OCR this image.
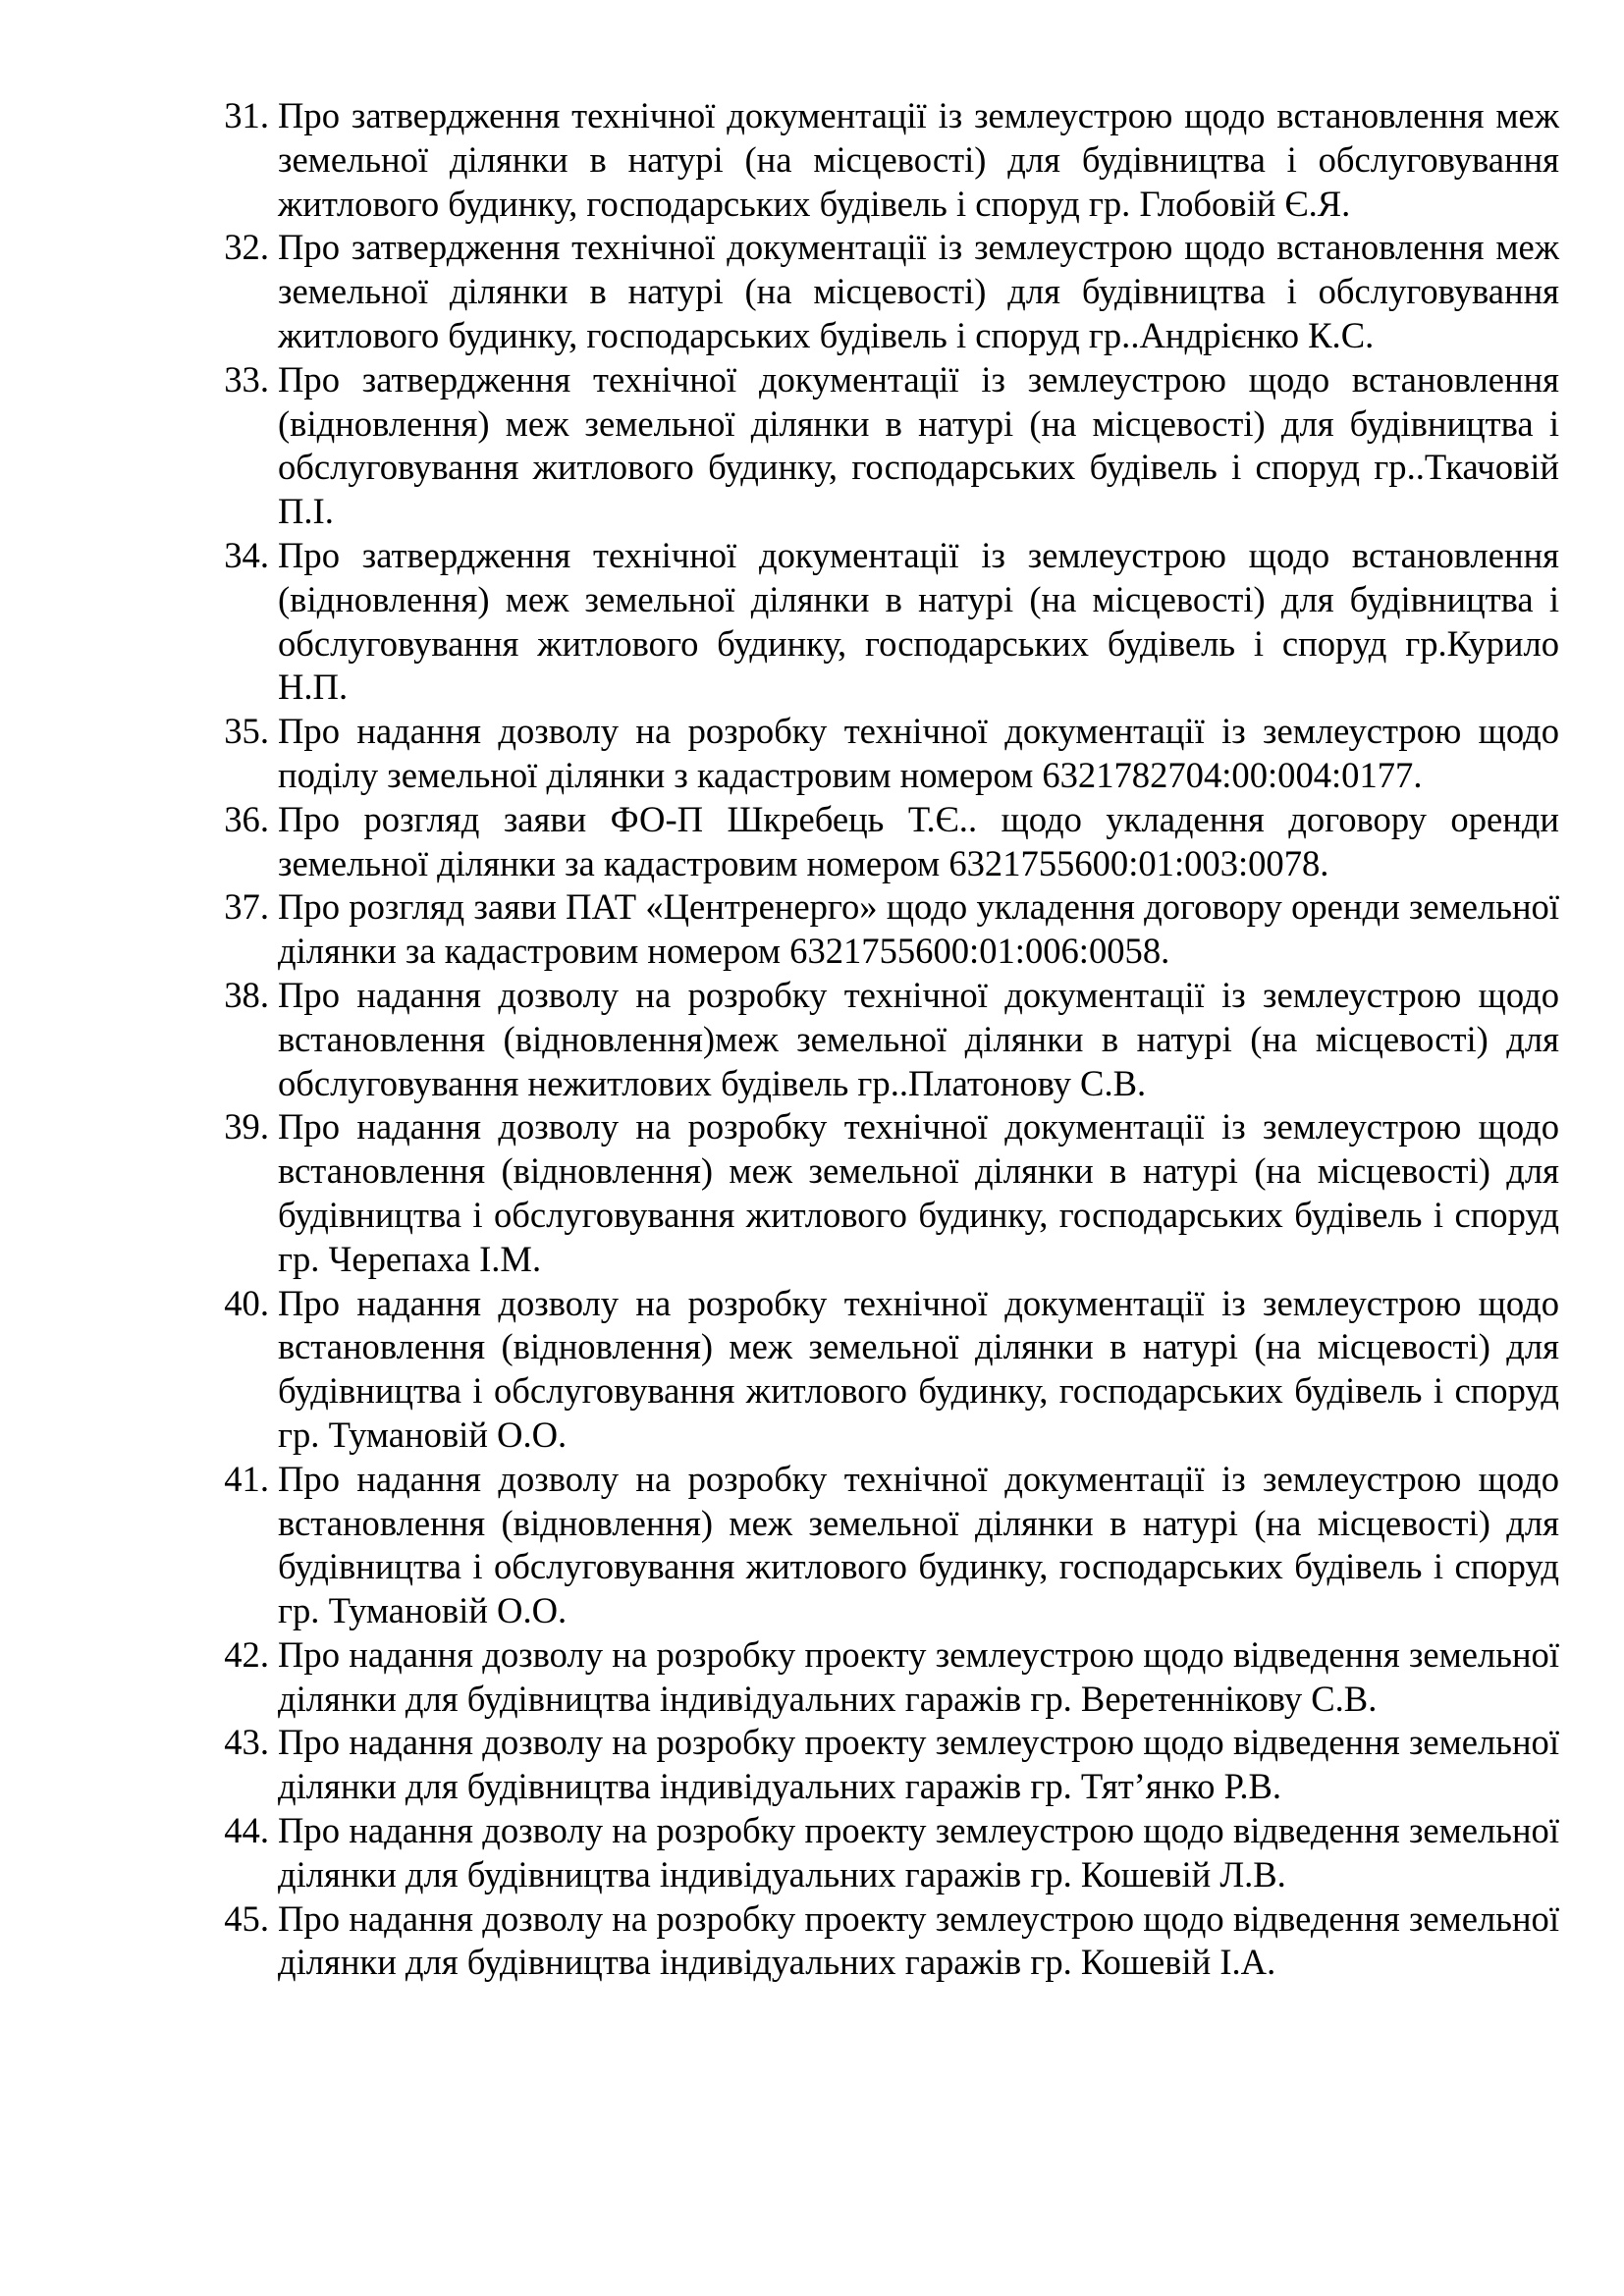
31. Про затвердження технічної документації із землеустрою щодо встановлення меж земельної ділянки в натурі (на місцевості) для будівництва і обслуговування житлового будинку, господарських будівель і споруд гр. Глобовій Є.Я.
32. Про затвердження технічної документації із землеустрою щодо встановлення меж земельної ділянки в натурі (на місцевості) для будівництва і обслуговування житлового будинку, господарських будівель і споруд гр..Андрієнко К.С.
33. Про затвердження технічної документації із землеустрою щодо встановлення (відновлення) меж земельної ділянки в натурі (на місцевості) для будівництва і обслуговування житлового будинку, господарських будівель і споруд гр..Ткачовій П.І.
34. Про затвердження технічної документації із землеустрою щодо встановлення (відновлення) меж земельної ділянки в натурі (на місцевості) для будівництва і обслуговування житлового будинку, господарських будівель і споруд гр.Курило Н.П.
35. Про надання дозволу на розробку технічної документації із землеустрою щодо поділу земельної ділянки з кадастровим номером 6321782704:00:004:0177.
36. Про розгляд заяви ФО-П Шкребець Т.Є.. щодо укладення договору оренди земельної ділянки за кадастровим номером 6321755600:01:003:0078.
37. Про розгляд заяви ПАТ «Центренерго» щодо укладення договору оренди земельної ділянки за кадастровим номером 6321755600:01:006:0058.
38. Про надання дозволу на розробку технічної документації із землеустрою щодо встановлення (відновлення)меж земельної ділянки в натурі (на місцевості) для обслуговування нежитлових будівель гр..Платонову С.В.
39. Про надання дозволу на розробку технічної документації із землеустрою щодо встановлення (відновлення) меж земельної ділянки в натурі (на місцевості) для будівництва і обслуговування житлового будинку, господарських будівель і споруд гр. Черепаха І.М.
40. Про надання дозволу на розробку технічної документації із землеустрою щодо встановлення (відновлення) меж земельної ділянки в натурі (на місцевості) для будівництва і обслуговування житлового будинку, господарських будівель і споруд гр. Тумановій О.О.
41. Про надання дозволу на розробку технічної документації із землеустрою щодо встановлення (відновлення) меж земельної ділянки в натурі (на місцевості) для будівництва і обслуговування житлового будинку, господарських будівель і споруд гр. Тумановій О.О.
42. Про надання дозволу на розробку проекту землеустрою щодо відведення земельної ділянки для будівництва індивідуальних гаражів гр. Веретеннікову С.В.
43. Про надання дозволу на розробку проекту землеустрою щодо відведення земельної ділянки для будівництва індивідуальних гаражів гр. Тят’янко Р.В.
44. Про надання дозволу на розробку проекту землеустрою щодо відведення земельної ділянки для будівництва індивідуальних гаражів гр. Кошевій Л.В.
45. Про надання дозволу на розробку проекту землеустрою щодо відведення земельної ділянки для будівництва індивідуальних гаражів гр. Кошевій І.А.
